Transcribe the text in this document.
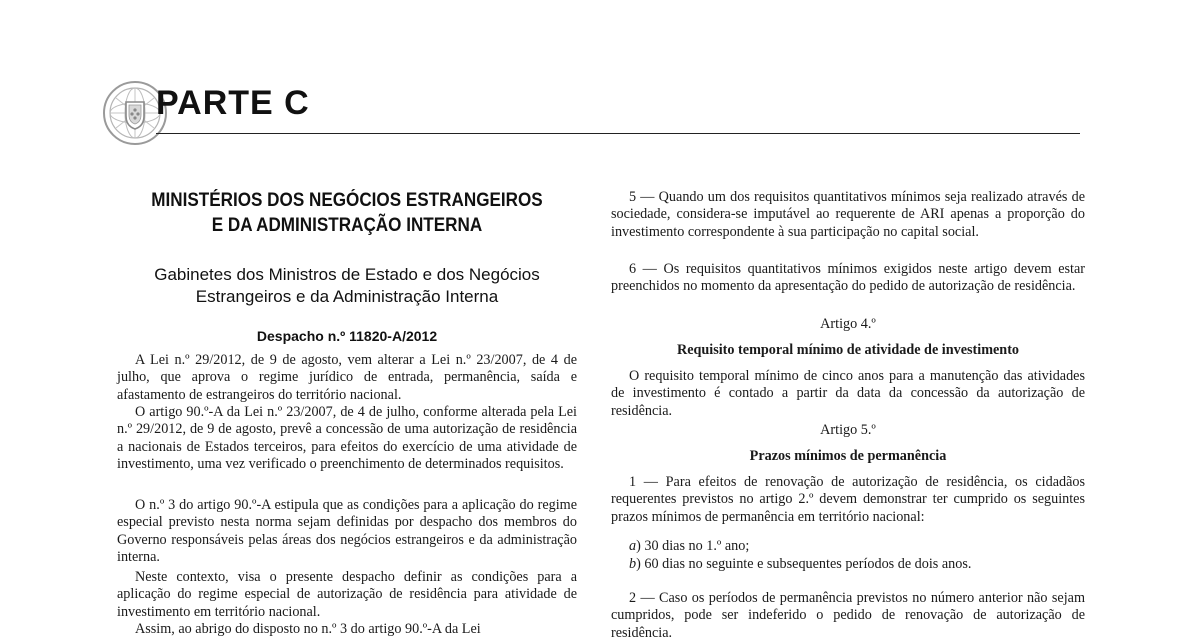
PARTE C
MINISTÉRIOS DOS NEGÓCIOS ESTRANGEIROS
E DA ADMINISTRAÇÃO INTERNA
Gabinetes dos Ministros de Estado e dos Negócios
Estrangeiros e da Administração Interna
Despacho n.º 11820-A/2012

A Lei n.º 29/2012, de 9 de agosto, vem alterar a Lei n.º 23/2007, de 4 de julho, que aprova o regime jurídico de entrada, permanência, saída e afastamento de estrangeiros do território nacional.

O artigo 90.º-A da Lei n.º 23/2007, de 4 de julho, conforme alterada pela Lei n.º 29/2012, de 9 de agosto, prevê a concessão de uma autorização de residência a nacionais de Estados terceiros, para efeitos do exercício de uma atividade de investimento, uma vez verificado o preenchimento de determinados requisitos.

O n.º 3 do artigo 90.º-A estipula que as condições para a aplicação do regime especial previsto nesta norma sejam definidas por despacho dos membros do Governo responsáveis pelas áreas dos negócios estrangeiros e da administração interna.

Neste contexto, visa o presente despacho definir as condições para a aplicação do regime especial de autorização de residência para atividade de investimento em território nacional.

Assim, ao abrigo do disposto no n.º 3 do artigo 90.º-A da Lei

5 — Quando um dos requisitos quantitativos mínimos seja realizado através de sociedade, considera-se imputável ao requerente de ARI apenas a proporção do investimento correspondente à sua participação no capital social.

6 — Os requisitos quantitativos mínimos exigidos neste artigo devem estar preenchidos no momento da apresentação do pedido de autorização de residência.

Artigo 4.º
Requisito temporal mínimo de atividade de investimento

O requisito temporal mínimo de cinco anos para a manutenção das atividades de investimento é contado a partir da data da concessão da autorização de residência.

Artigo 5.º
Prazos mínimos de permanência

1 — Para efeitos de renovação de autorização de residência, os cidadãos requerentes previstos no artigo 2.º devem demonstrar ter cumprido os seguintes prazos mínimos de permanência em território nacional:

a) 30 dias no 1.º ano;
b) 60 dias no seguinte e subsequentes períodos de dois anos.

2 — Caso os períodos de permanência previstos no número anterior não sejam cumpridos, pode ser indeferido o pedido de renovação de autorização de residência.
